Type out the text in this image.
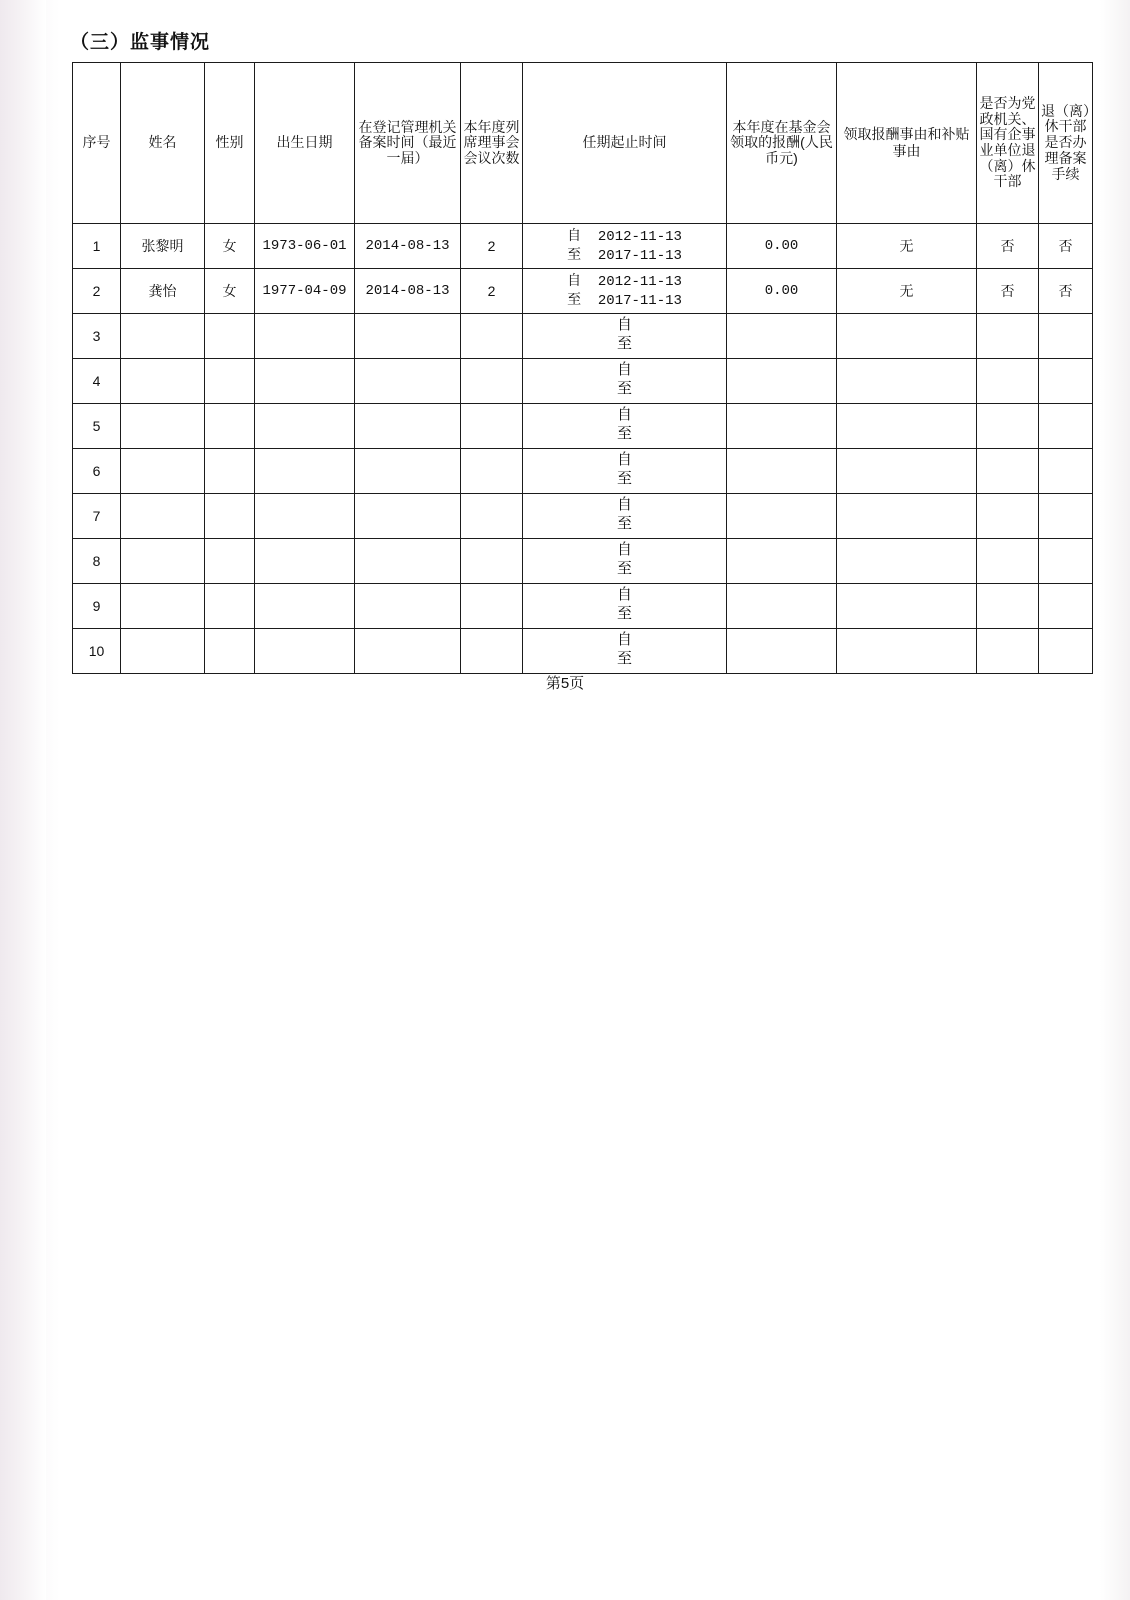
（三）监事情况
序号	姓名	性别	出生日期	在登记管理机关备案时间（最近一届）	本年度列席理事会会议次数	任期起止时间	本年度在基金会领取的报酬(人民币元)	领取报酬事由和补贴事由	是否为党政机关、国有企事业单位退（离）休干部	退（离）休干部是否办理备案手续
1	张黎明	女	1973-06-01	2014-08-13	2	自 2012-11-13
至 2017-11-13	0.00	无	否	否
2	龚怡	女	1977-04-09	2014-08-13	2	自 2012-11-13
至 2017-11-13	0.00	无	否	否
3						自
至				

4						自
至				

5						自
至				

6						自
至				

7						自
至				

8						自
至				

9						自
至				

10						自
至				

第5页
